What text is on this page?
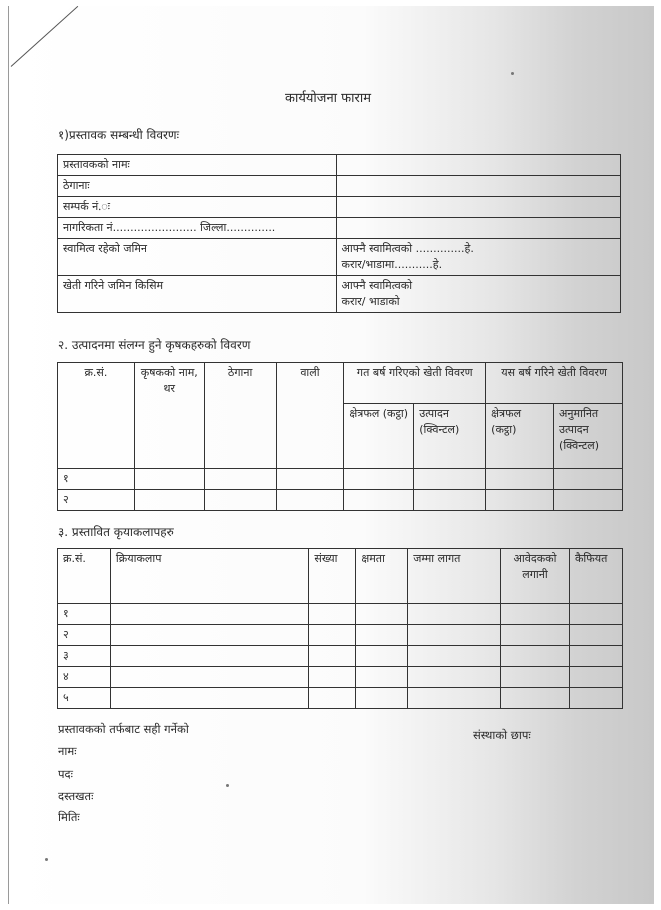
कार्ययोजना फाराम
१)प्रस्तावक सम्बन्धी विवरणः
प्रस्तावकको नामः	
ठेगानाः	
सम्पर्क नं.ः	
नागरिकता नं........................ जिल्ला..............	
स्वामित्व रहेको जमिन	आफ्नै स्वामित्वको ..............हे.
करार/भाडामा...........हे.

खेती गरिने जमिन किसिम	आफ्नै स्वामित्वको
करार/ भाडाको
२. उत्पादनमा संलग्न हुने कृषकहरुको विवरण
क्र.सं.	कृषकको नाम, थर	ठेगाना	वाली	गत बर्ष गरिएको खेती विवरण		यस बर्ष गरिने खेती विवरण	
				क्षेत्रफल (कट्ठा)	उत्पादन (क्विन्टल)	क्षेत्रफल (कट्ठा)	अनुमानित उत्पादन (क्विन्टल)
१							
२							
३. प्रस्तावित कृयाकलापहरु
क्र.सं.	क्रियाकलाप	संख्या	क्षमता	जम्मा लागत	आवेदकको लगानी	कैफियत
१						
२						
३						
४						
५						
प्रस्तावकको तर्फबाट सही गर्नेको	संस्थाको छापः
नामः
पदः
दस्तखतः
मितिः
